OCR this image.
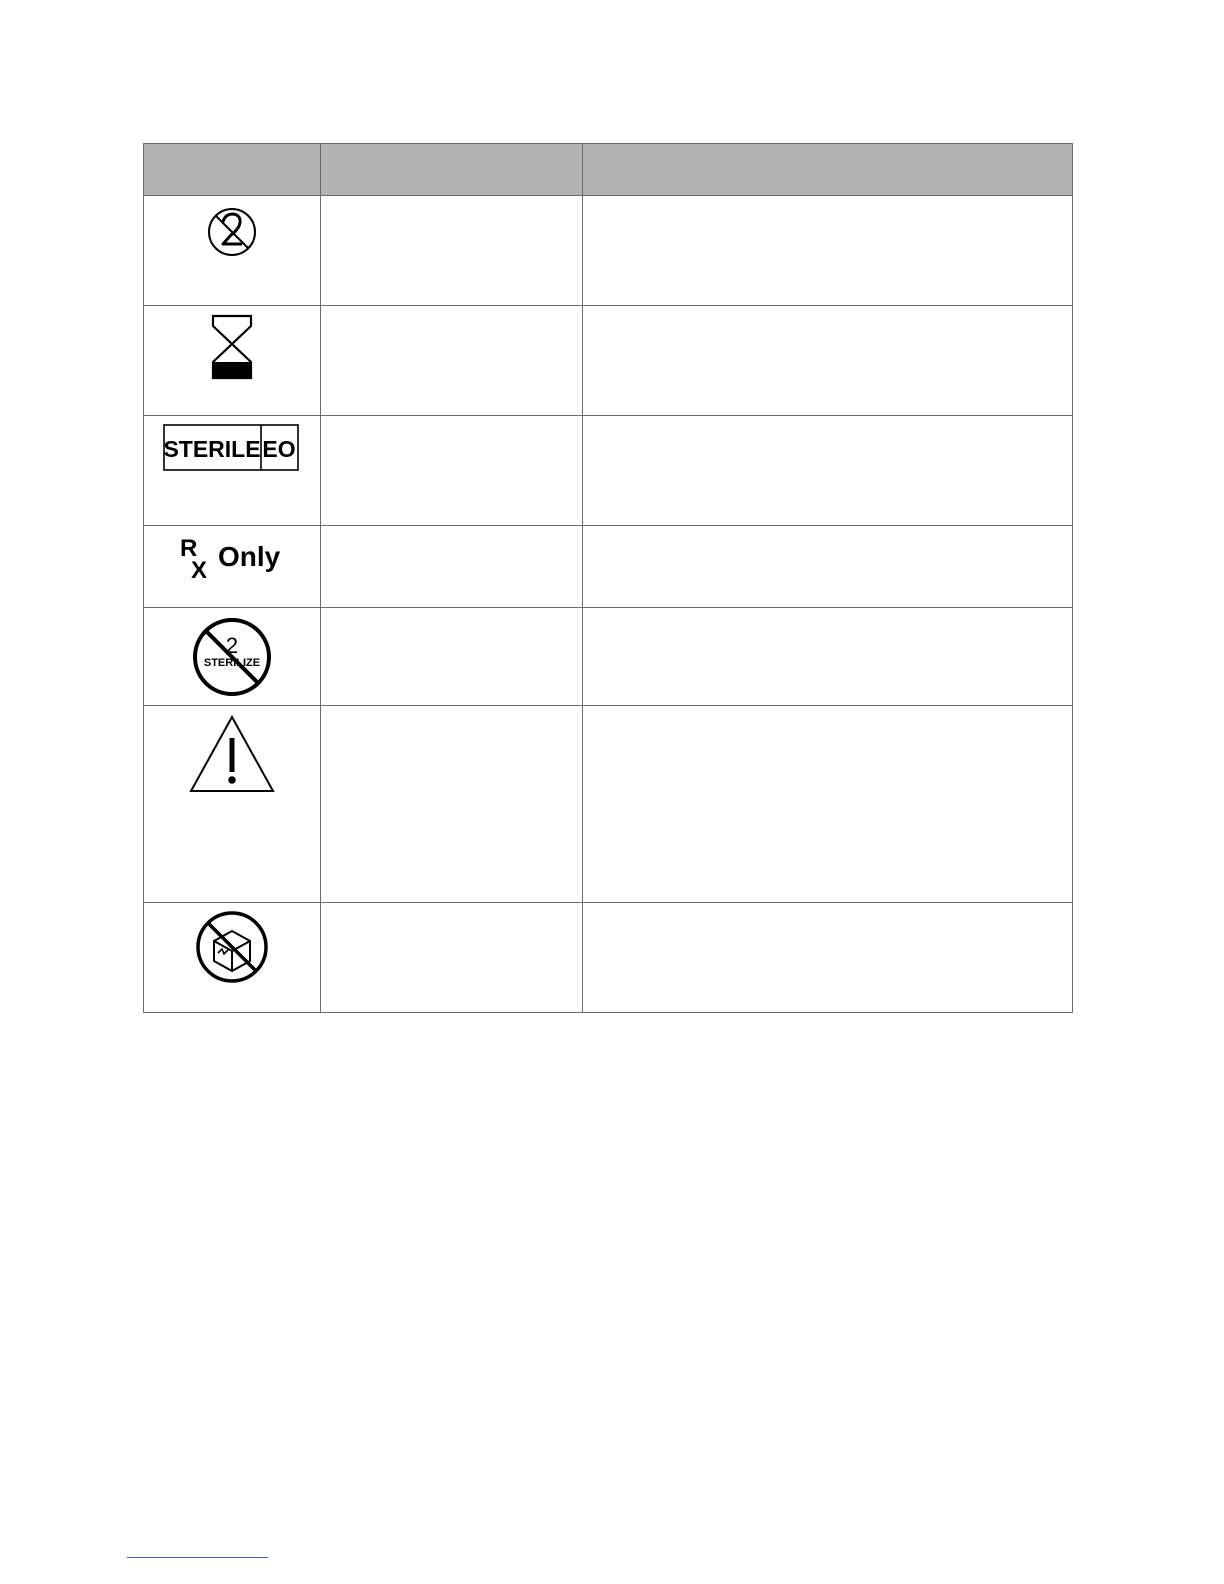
STERILE EO		

R
X Only		

2
STERILIZE		
